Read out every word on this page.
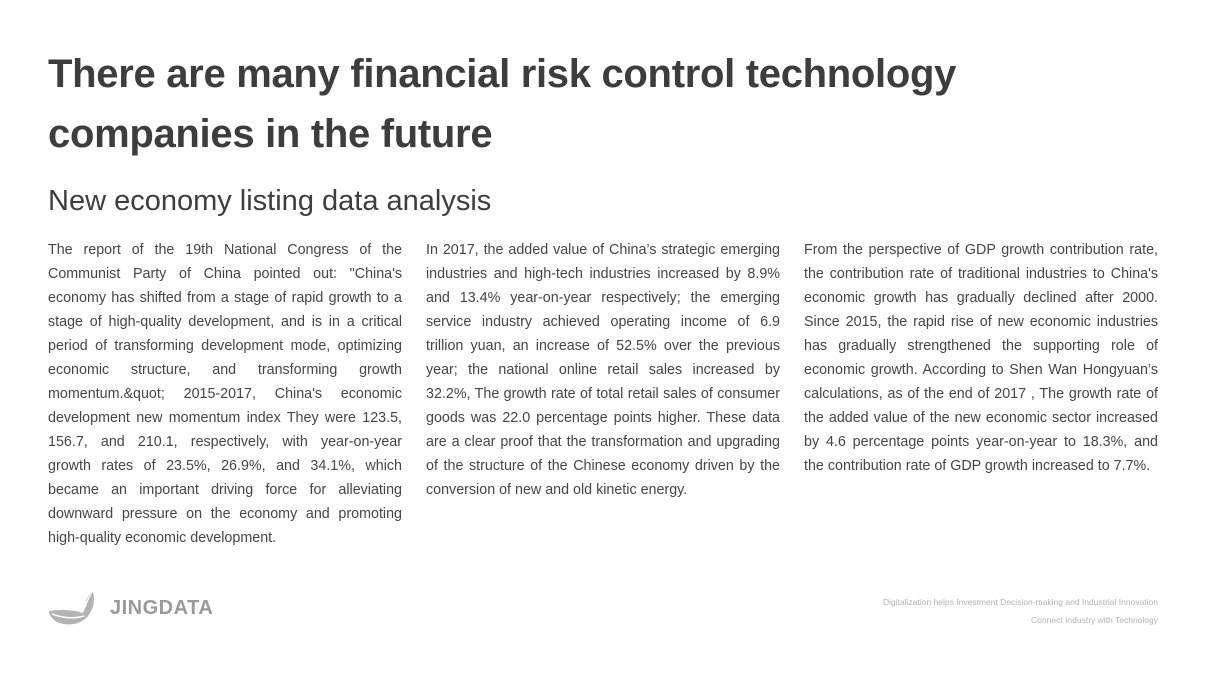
There are many financial risk control technology companies in the future
New economy listing data analysis

The report of the 19th National Congress of the Communist Party of China pointed out: "China's economy has shifted from a stage of rapid growth to a stage of high-quality development, and is in a critical period of transforming development mode, optimizing economic structure, and transforming growth momentum.&quot; 2015-2017, China's economic development new momentum index They were 123.5, 156.7, and 210.1, respectively, with year-on-year growth rates of 23.5%, 26.9%, and 34.1%, which became an important driving force for alleviating downward pressure on the economy and promoting high-quality economic development.

In 2017, the added value of China’s strategic emerging industries and high-tech industries increased by 8.9% and 13.4% year-on-year respectively; the emerging service industry achieved operating income of 6.9 trillion yuan, an increase of 52.5% over the previous year; the national online retail sales increased by 32.2%, The growth rate of total retail sales of consumer goods was 22.0 percentage points higher. These data are a clear proof that the transformation and upgrading of the structure of the Chinese economy driven by the conversion of new and old kinetic energy.

From the perspective of GDP growth contribution rate, the contribution rate of traditional industries to China's economic growth has gradually declined after 2000. Since 2015, the rapid rise of new economic industries has gradually strengthened the supporting role of economic growth. According to Shen Wan Hongyuan’s calculations, as of the end of 2017 , The growth rate of the added value of the new economic sector increased by 4.6 percentage points year-on-year to 18.3%, and the contribution rate of GDP growth increased to 7.7%.

JINGDATA	Digitalization helps Investment Decision-making and Industrial Innovation

Connect Industry with Technology
